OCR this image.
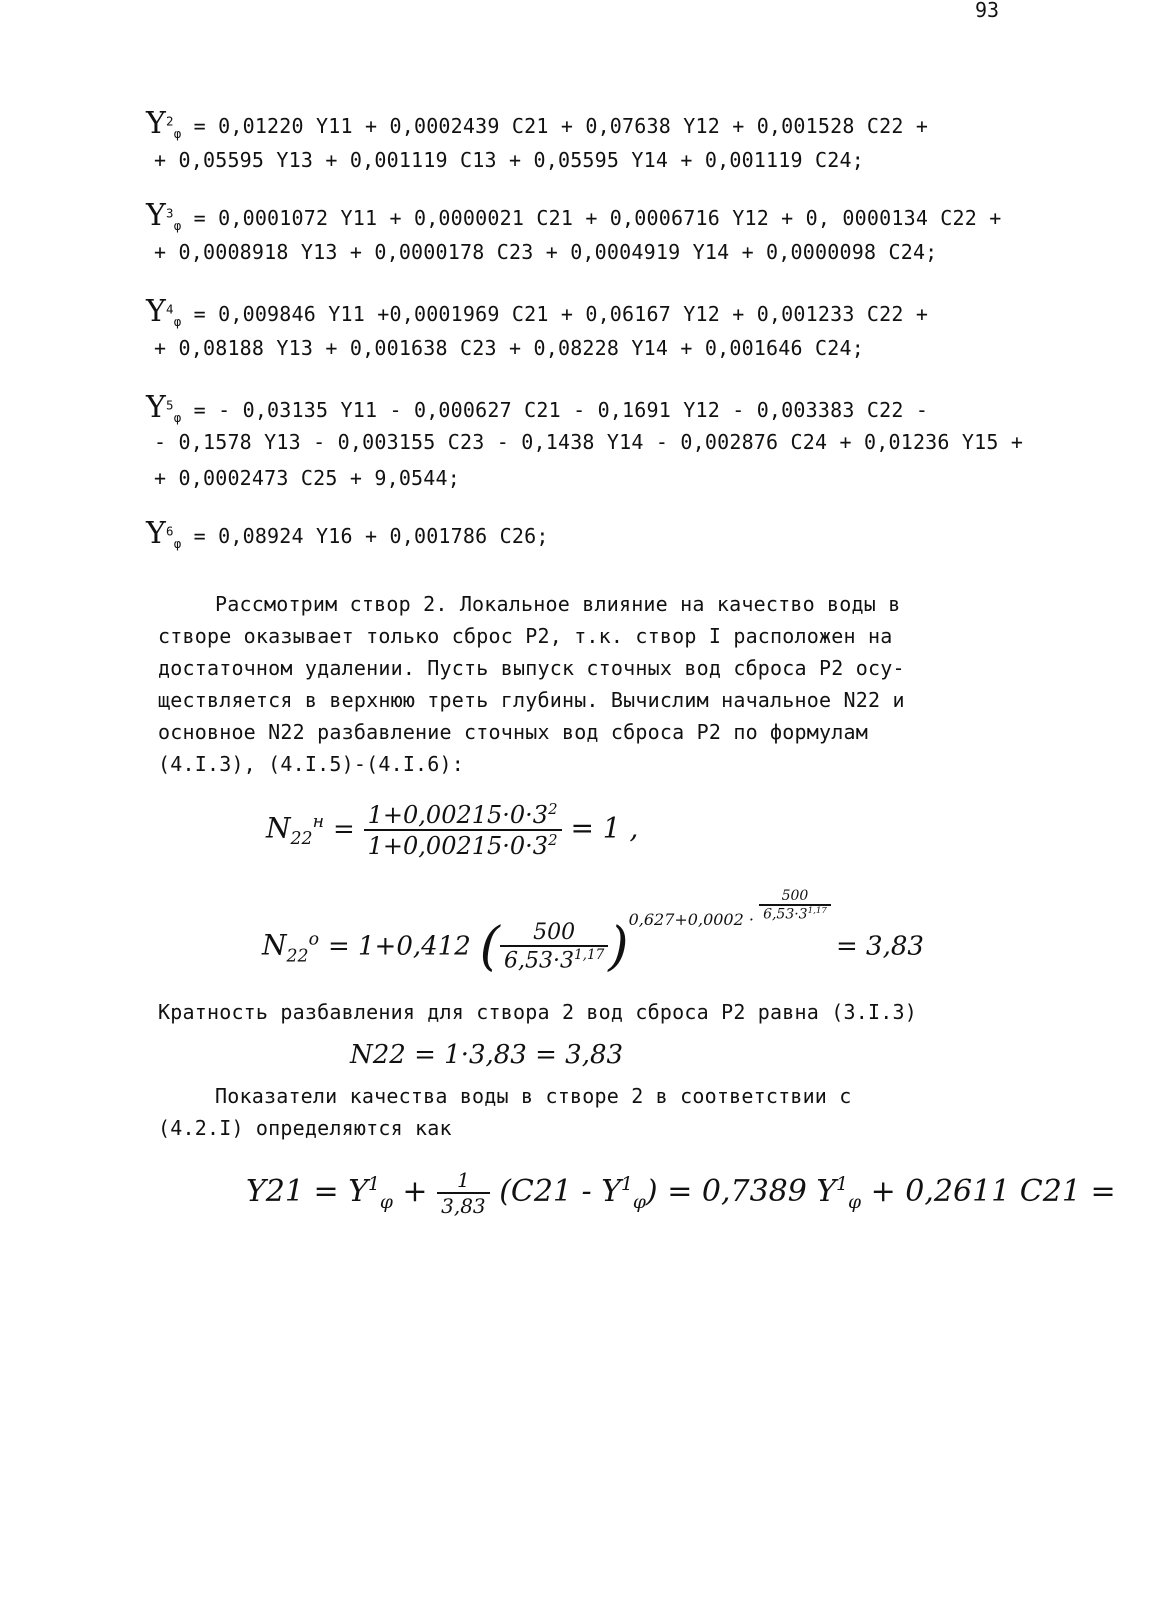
93
$Y^2_\varphi = 0,01220$ Y11 + 0,0002439 C21 + 0,07638 Y12 + 0,001528 C22 +
+ 0,05595 Y13 + 0,001119 C13 + 0,05595 Y14 + 0,001119 C24;
$Y^3_\varphi = 0,0001072$ Y11 + 0,0000021 C21 + 0,0006716 Y12 + 0, 0000134 C22 +
+ 0,0008918 Y13 + 0,0000178 C23 + 0,0004919 Y14 + 0,0000098 C24;
$Y^4_\varphi = 0,009846$ Y11 +0,0001969 C21 + 0,06167 Y12 + 0,001233 C22 +
+ 0,08188 Y13 + 0,001638 C23 + 0,08228 Y14 + 0,001646 C24;
$Y^5_\varphi$ = - 0,03135 Y11 - 0,000627 C21 - 0,1691 Y12 - 0,003383 C22 -
- 0,1578 Y13 - 0,003155 C23 - 0,1438 Y14 - 0,002876 C24 + 0,01236 Y15 +
+ 0,0002473 C25 + 9,0544;
$Y^6_\varphi = 0,08924$ Y16 + 0,001786 C26;
Рассмотрим створ 2. Локальное влияние на качество воды в
створе оказывает только сброс P2, т.к. створ I расположен на
достаточном удалении. Пусть выпуск сточных вод сброса P2 осу-
ществляется в верхнюю треть глубины. Вычислим начальное N22 и
основное N22 разбавление сточных вод сброса P2 по формулам
(4.I.3), (4.I.5)-(4.I.6):
$N_{22}^н = \frac{1+0,00215\cdot 0\cdot 3^2}{1+0,00215\cdot 0\cdot 3^2} = 1$ ,
$N_{22}^o = 1+0,412$ ( $\frac{500}{6,53\cdot 3^{1,17}} )^{0,627+0,0002 \cdot \frac{500}{6,53\cdot 3^{1,17}}}$
= 3,83
Кратность разбавления для створа 2 вод сброса P2 равна (3.I.3)
N22 = 1·3,83 = 3,83
Показатели качества воды в створе 2 в соответствии с
(4.2.I) определяются как
$Y21 = Y^1_\varphi + \frac{1}{3,83} (C21 - Y^1_\varphi) = 0,7389$ $Y^1_\varphi + 0,2611$ C21 =
